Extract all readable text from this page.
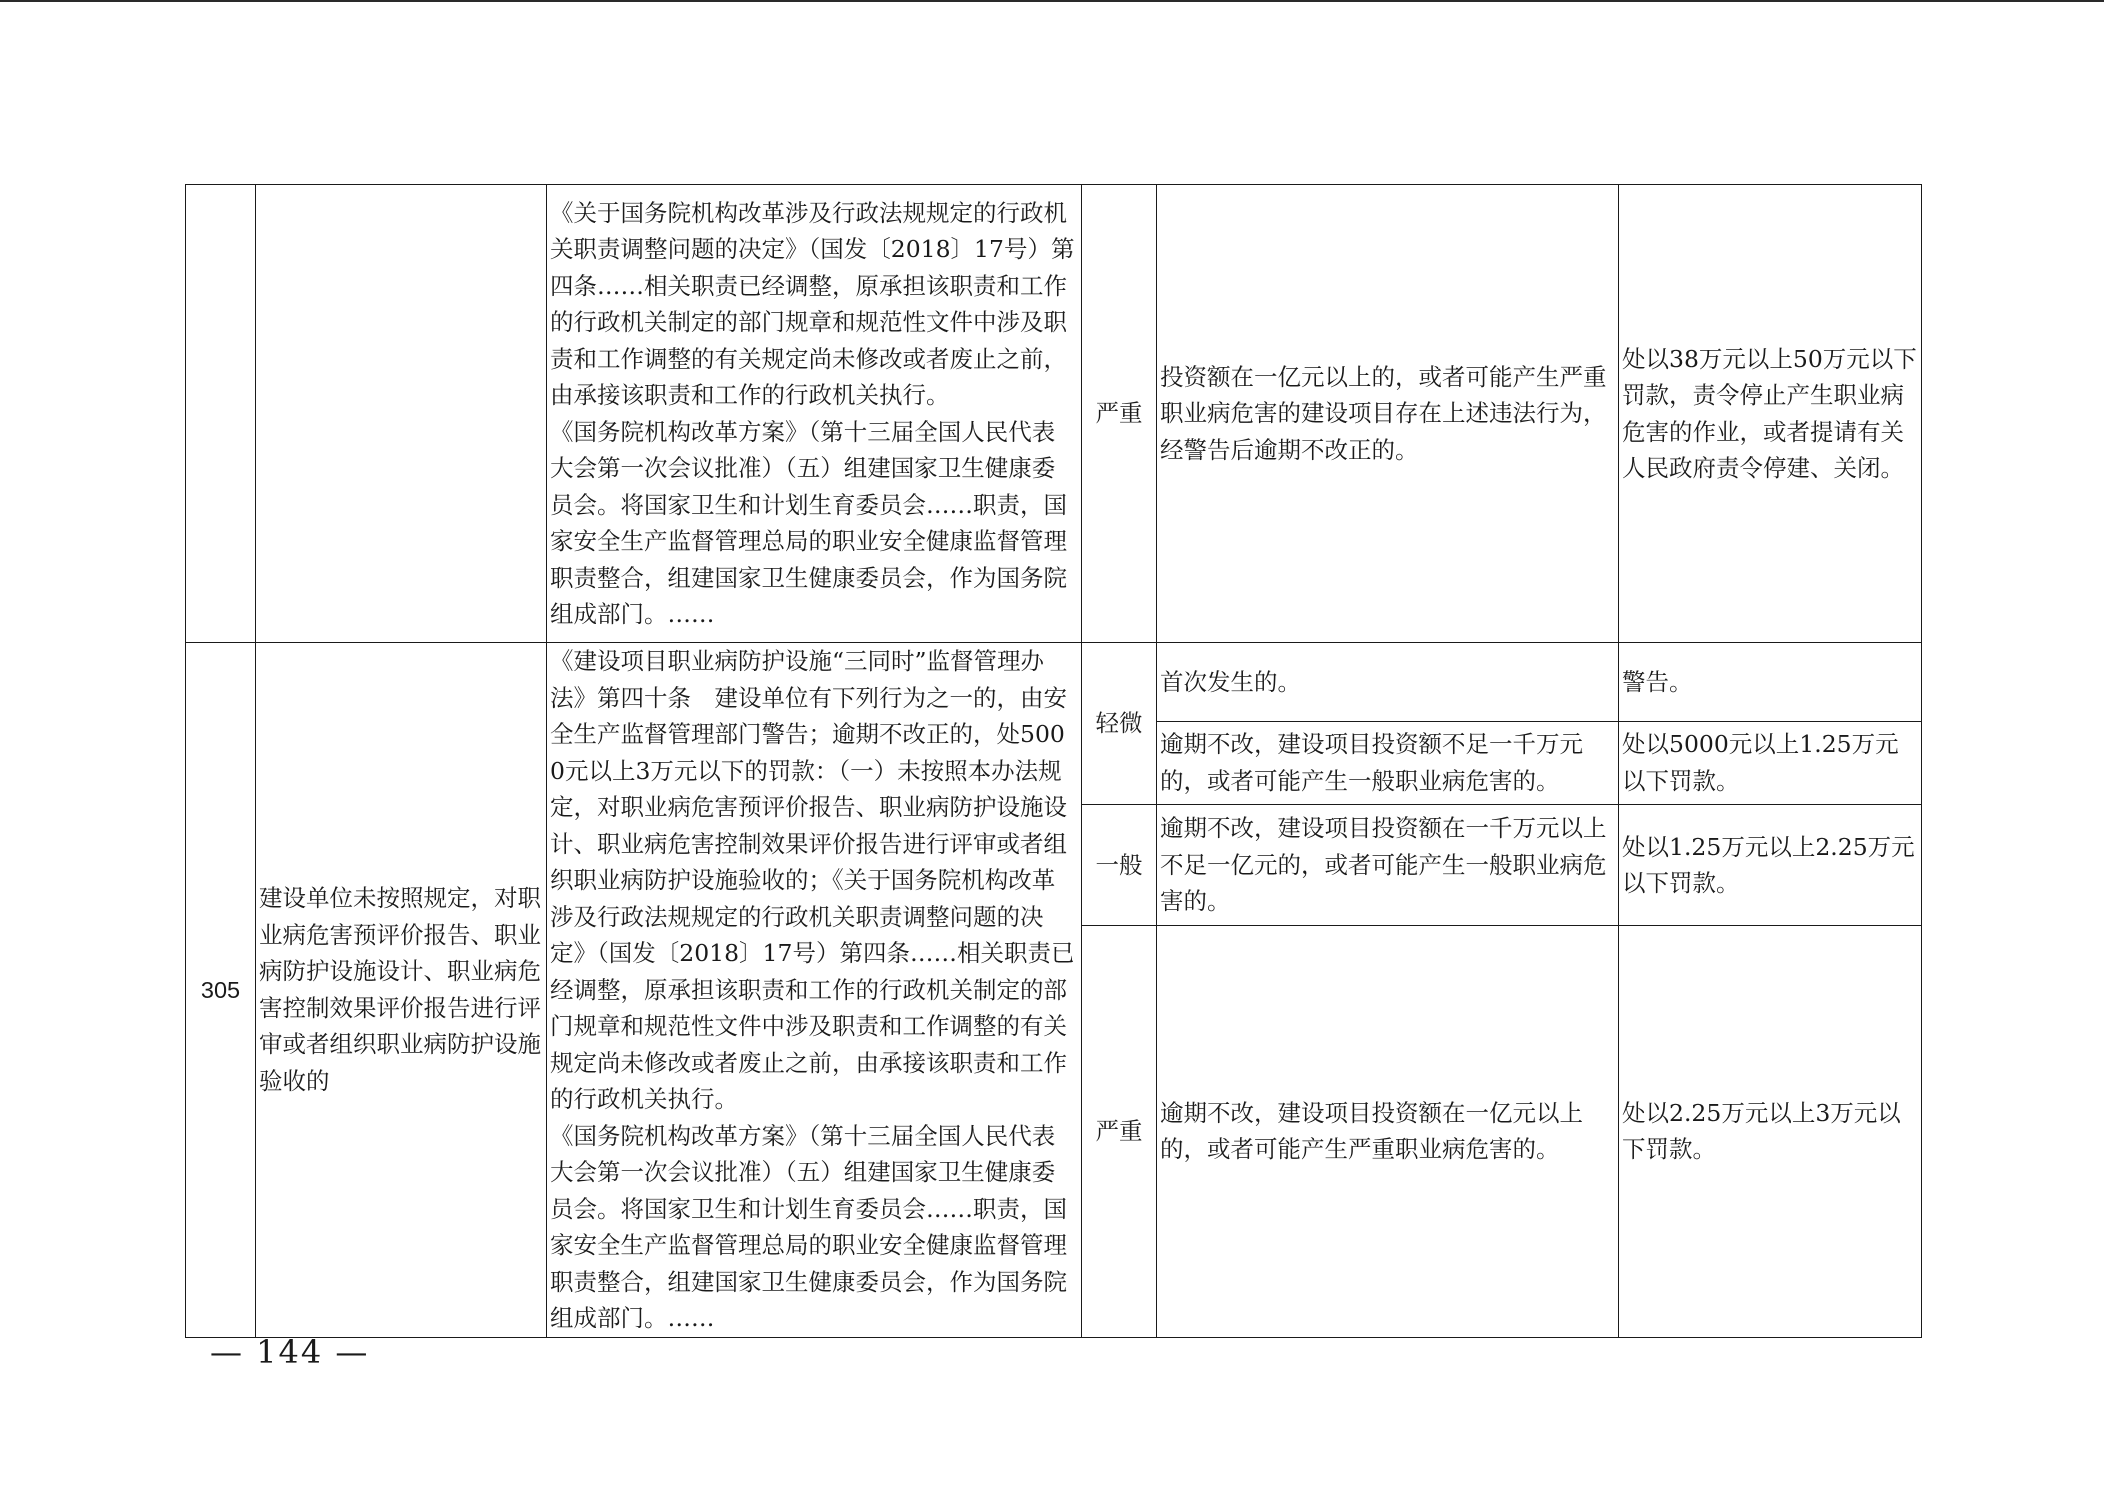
		《关于国务院机构改革涉及行政法规规定的行政机关职责调整问题的决定》（国发〔2018〕17号）第四条……相关职责已经调整，原承担该职责和工作的行政机关制定的部门规章和规范性文件中涉及职责和工作调整的有关规定尚未修改或者废止之前，由承接该职责和工作的行政机关执行。
《国务院机构改革方案》（第十三届全国人民代表大会第一次会议批准）（五）组建国家卫生健康委员会。将国家卫生和计划生育委员会……职责，国家安全生产监督管理总局的职业安全健康监督管理职责整合，组建国家卫生健康委员会，作为国务院组成部门。……	严重	投资额在一亿元以上的，或者可能产生严重职业病危害的建设项目存在上述违法行为，经警告后逾期不改正的。	处以38万元以上50万元以下罚款，责令停止产生职业病危害的作业，或者提请有关人民政府责令停建、关闭。
305	建设单位未按照规定，对职业病危害预评价报告、职业病防护设施设计、职业病危害控制效果评价报告进行评审或者组织职业病防护设施验收的	《建设项目职业病防护设施“三同时”监督管理办法》第四十条　建设单位有下列行为之一的，由安全生产监督管理部门警告；逾期不改正的，处5000元以上3万元以下的罚款：（一）未按照本办法规定，对职业病危害预评价报告、职业病防护设施设计、职业病危害控制效果评价报告进行评审或者组织职业病防护设施验收的；《关于国务院机构改革涉及行政法规规定的行政机关职责调整问题的决定》（国发〔2018〕17号）第四条……相关职责已经调整，原承担该职责和工作的行政机关制定的部门规章和规范性文件中涉及职责和工作调整的有关规定尚未修改或者废止之前，由承接该职责和工作的行政机关执行。
《国务院机构改革方案》（第十三届全国人民代表大会第一次会议批准）（五）组建国家卫生健康委员会。将国家卫生和计划生育委员会……职责，国家安全生产监督管理总局的职业安全健康监督管理职责整合，组建国家卫生健康委员会，作为国务院组成部门。……	轻微	首次发生的。	警告。
				逾期不改，建设项目投资额不足一千万元的，或者可能产生一般职业病危害的。	处以5000元以上1.25万元以下罚款。
			一般	逾期不改，建设项目投资额在一千万元以上不足一亿元的，或者可能产生一般职业病危害的。	处以1.25万元以上2.25万元以下罚款。
			严重	逾期不改，建设项目投资额在一亿元以上的，或者可能产生严重职业病危害的。	处以2.25万元以上3万元以下罚款。
— 144 —
